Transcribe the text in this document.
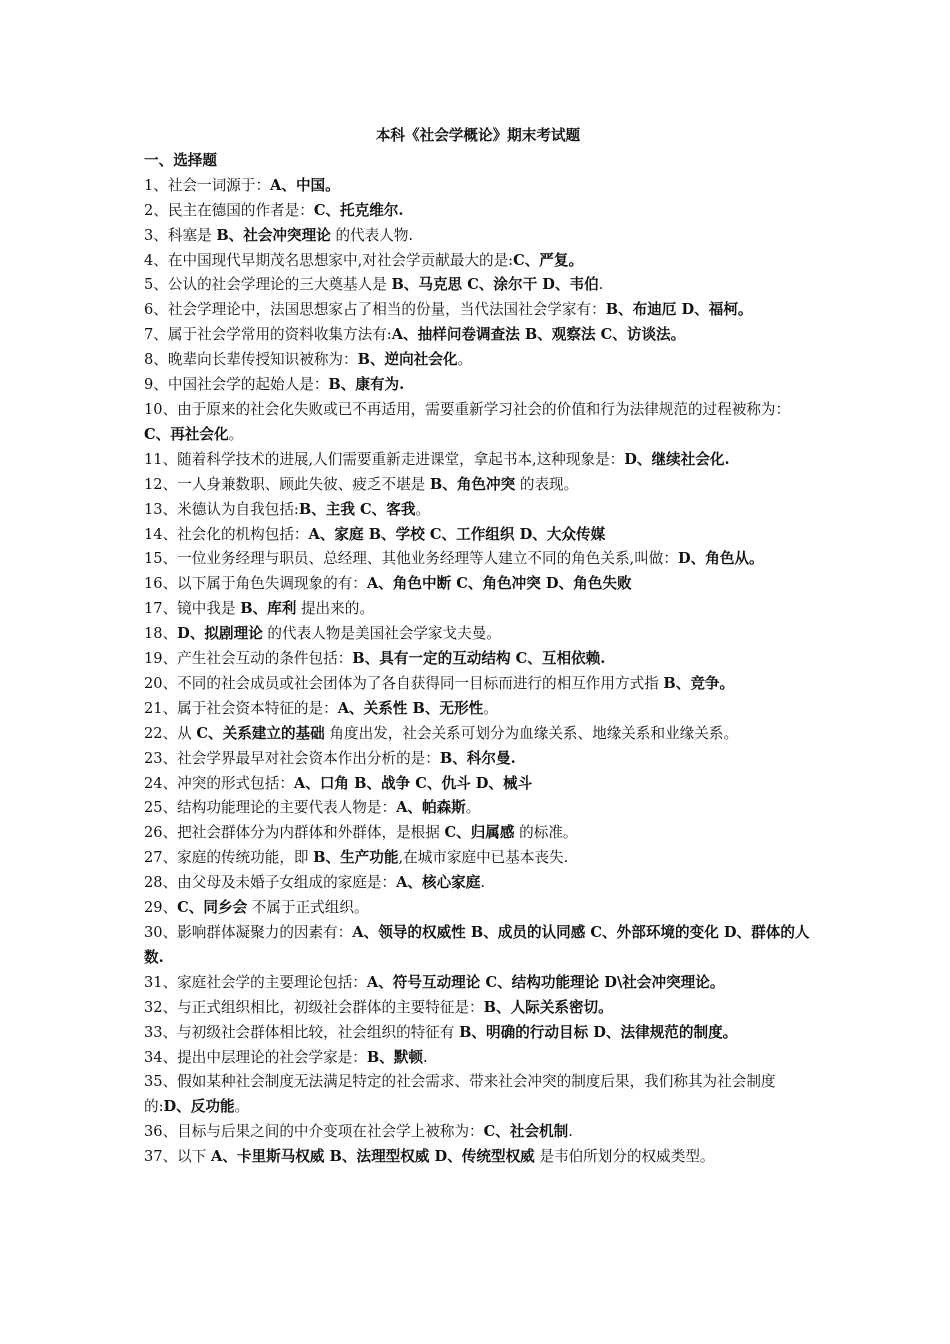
本科《社会学概论》期末考试题

一、选择题

1、社会一词源于：A、中国。

2、民主在德国的作者是：C、托克维尔.

3、科塞是 B、社会冲突理论 的代表人物.

4、在中国现代早期茂名思想家中,对社会学贡献最大的是:C、严复。

5、公认的社会学理论的三大奠基人是 B、马克思 C、涂尔干 D、韦伯.

6、社会学理论中，法国思想家占了相当的份量，当代法国社会学家有：B、布迪厄 D、福柯。

7、属于社会学常用的资料收集方法有:A、抽样问卷调查法 B、观察法 C、访谈法。

8、晚辈向长辈传授知识被称为：B、逆向社会化。

9、中国社会学的起始人是：B、康有为.

10、由于原来的社会化失败或已不再适用，需要重新学习社会的价值和行为法律规范的过程被称为：C、再社会化。

11、随着科学技术的进展,人们需要重新走进课堂，拿起书本,这种现象是：D、继续社会化.

12、一人身兼数职、顾此失彼、疲乏不堪是 B、角色冲突 的表现。

13、米德认为自我包括:B、主我 C、客我。

14、社会化的机构包括：A、家庭 B、学校 C、工作组织 D、大众传媒

15、一位业务经理与职员、总经理、其他业务经理等人建立不同的角色关系,叫做：D、角色从。

16、以下属于角色失调现象的有：A、角色中断 C、角色冲突 D、角色失败

17、镜中我是 B、库利 提出来的。

18、D、拟剧理论 的代表人物是美国社会学家戈夫曼。

19、产生社会互动的条件包括：B、具有一定的互动结构 C、互相依赖.

20、不同的社会成员或社会团体为了各自获得同一目标而进行的相互作用方式指 B、竞争。

21、属于社会资本特征的是：A、关系性 B、无形性。

22、从 C、关系建立的基础 角度出发，社会关系可划分为血缘关系、地缘关系和业缘关系。

23、社会学界最早对社会资本作出分析的是：B、科尔曼.

24、冲突的形式包括：A、口角 B、战争 C、仇斗 D、械斗

25、结构功能理论的主要代表人物是：A、帕森斯。

26、把社会群体分为内群体和外群体，是根据 C、归属感 的标准。

27、家庭的传统功能，即 B、生产功能,在城市家庭中已基本丧失.

28、由父母及未婚子女组成的家庭是：A、核心家庭.

29、C、同乡会 不属于正式组织。

30、影响群体凝聚力的因素有：A、领导的权威性 B、成员的认同感 C、外部环境的变化 D、群体的人数.

31、家庭社会学的主要理论包括：A、符号互动理论 C、结构功能理论 D\社会冲突理论。

32、与正式组织相比，初级社会群体的主要特征是：B、人际关系密切。

33、与初级社会群体相比较，社会组织的特征有 B、明确的行动目标 D、法律规范的制度。

34、提出中层理论的社会学家是：B、默顿.

35、假如某种社会制度无法满足特定的社会需求、带来社会冲突的制度后果，我们称其为社会制度的:D、反功能。

36、目标与后果之间的中介变项在社会学上被称为：C、社会机制.

37、以下 A、卡里斯马权威 B、法理型权威 D、传统型权威 是韦伯所划分的权威类型。
